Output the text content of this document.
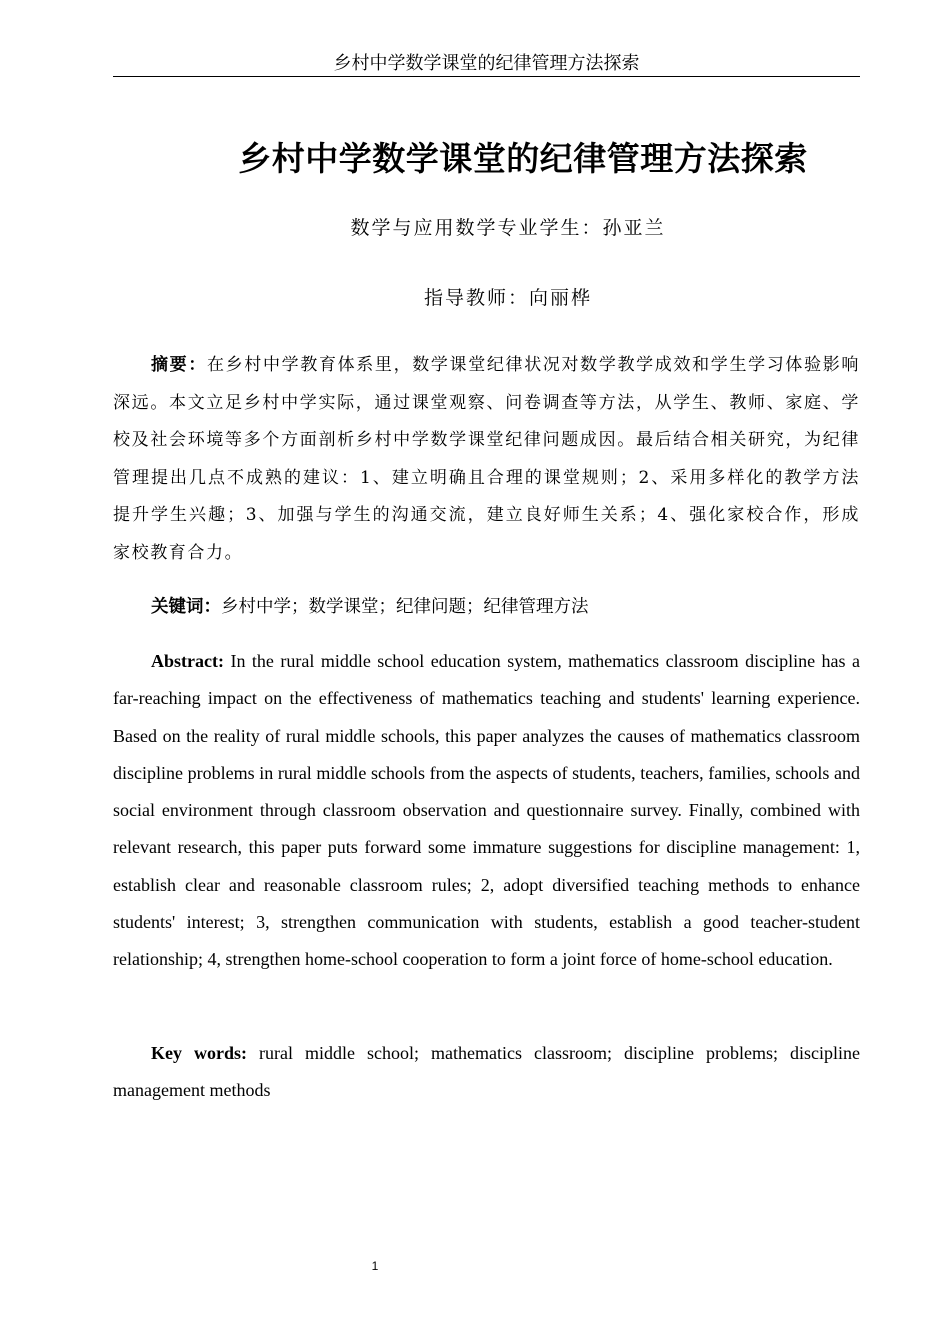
乡村中学数学课堂的纪律管理方法探索
乡村中学数学课堂的纪律管理方法探索
数学与应用数学专业学生：孙亚兰
指导教师：向丽桦

摘要：在乡村中学教育体系里，数学课堂纪律状况对数学教学成效和学生学习体验影响深远。本文立足乡村中学实际，通过课堂观察、问卷调查等方法，从学生、教师、家庭、学校及社会环境等多个方面剖析乡村中学数学课堂纪律问题成因。最后结合相关研究，为纪律管理提出几点不成熟的建议：1、建立明确且合理的课堂规则；2、采用多样化的教学方法提升学生兴趣；3、加强与学生的沟通交流，建立良好师生关系；4、强化家校合作，形成家校教育合力。

关键词：乡村中学；数学课堂；纪律问题；纪律管理方法

Abstract: In the rural middle school education system, mathematics classroom discipline has a far-reaching impact on the effectiveness of mathematics teaching and students' learning experience. Based on the reality of rural middle schools, this paper analyzes the causes of mathematics classroom discipline problems in rural middle schools from the aspects of students, teachers, families, schools and social environment through classroom observation and questionnaire survey. Finally, combined with relevant research, this paper puts forward some immature suggestions for discipline management: 1, establish clear and reasonable classroom rules; 2, adopt diversified teaching methods to enhance students' interest; 3, strengthen communication with students, establish a good teacher-student relationship; 4, strengthen home-school cooperation to form a joint force of home-school education.

Key words: rural middle school; mathematics classroom; discipline problems; discipline management methods

1
